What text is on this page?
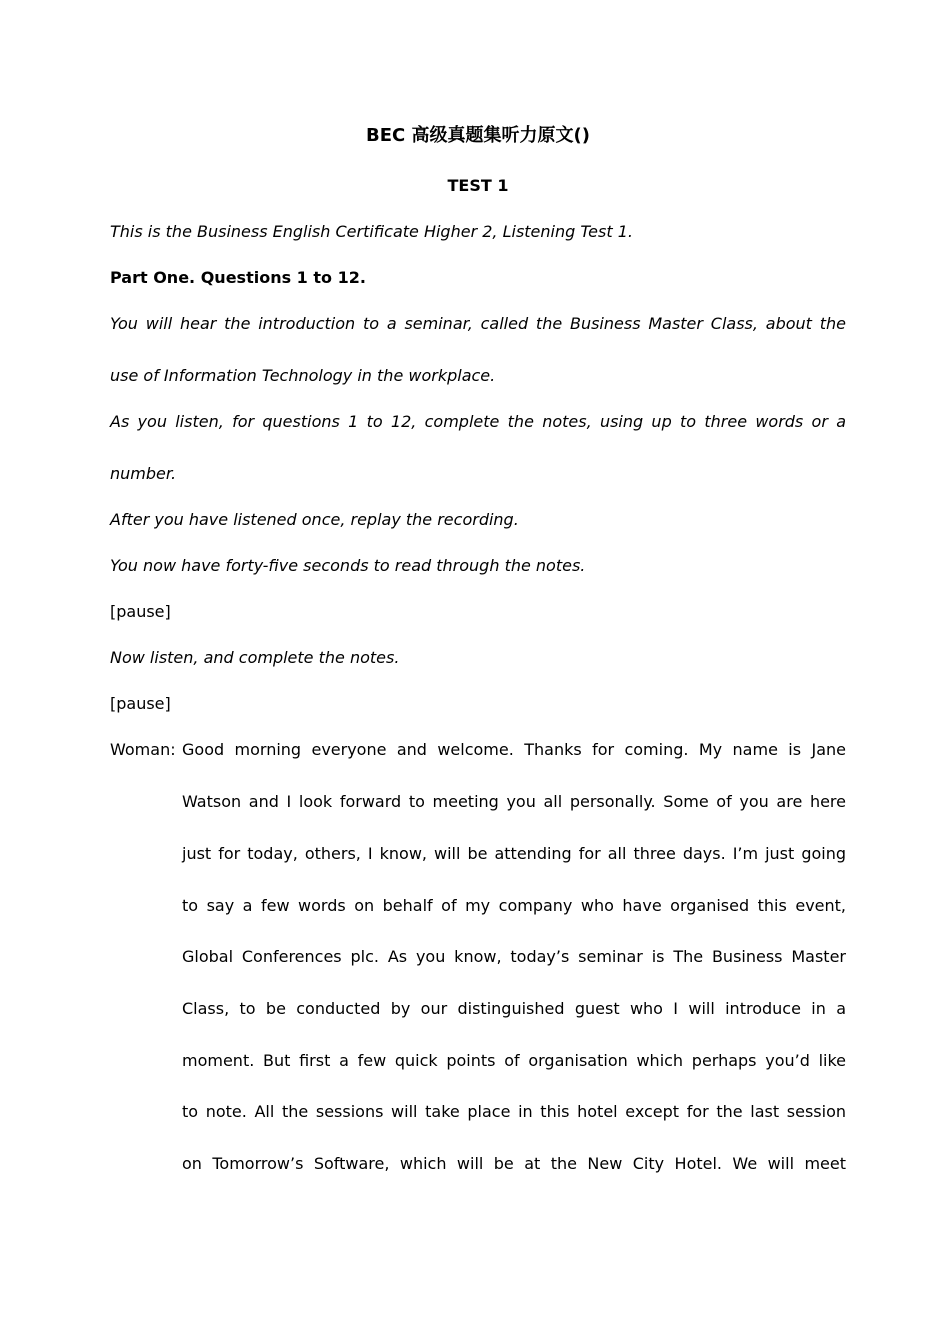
BEC 高级真题集听力原文()
TEST 1
This is the Business English Certificate Higher 2, Listening Test 1.
Part One. Questions 1 to 12.
You will hear the introduction to a seminar, called the Business Master Class, about the
use of Information Technology in the workplace.
As you listen, for questions 1 to 12, complete the notes, using up to three words or a
number.
After you have listened once, replay the recording.
You now have forty-five seconds to read through the notes.
[pause]
Now listen, and complete the notes.
[pause]
Woman: Good morning everyone and welcome. Thanks for coming. My name is Jane
Watson and I look forward to meeting you all personally. Some of you are here
just for today, others, I know, will be attending for all three days. I’m just going
to say a few words on behalf of my company who have organised this event,
Global Conferences plc. As you know, today’s seminar is The Business Master
Class, to be conducted by our distinguished guest who I will introduce in a
moment. But first a few quick points of organisation which perhaps you’d like
to note. All the sessions will take place in this hotel except for the last session
on Tomorrow’s Software, which will be at the New City Hotel. We will meet
